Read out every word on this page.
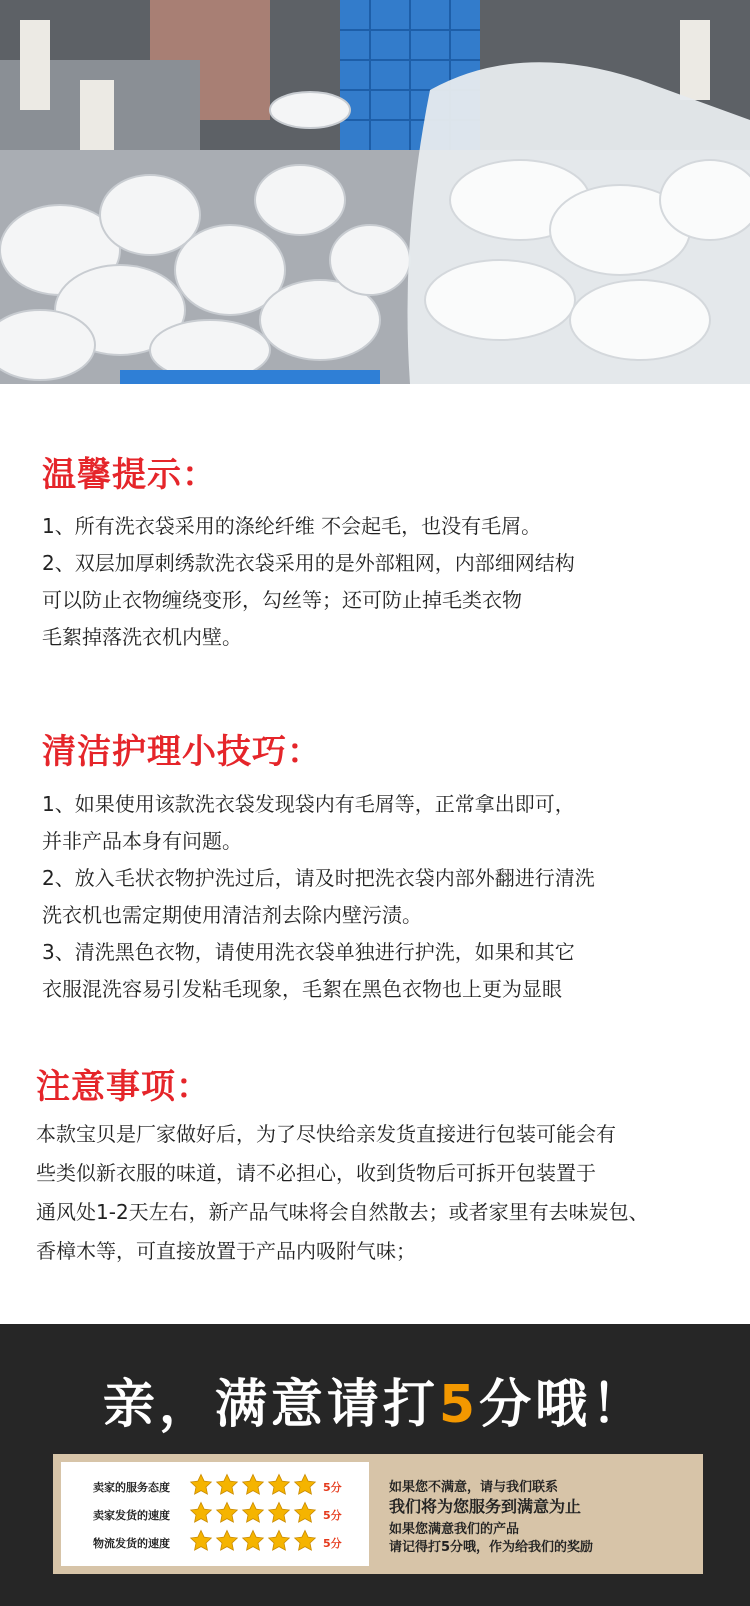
温馨提示：
1、所有洗衣袋采用的涤纶纤维 不会起毛，也没有毛屑。
2、双层加厚刺绣款洗衣袋采用的是外部粗网，内部细网结构
可以防止衣物缠绕变形，勾丝等；还可防止掉毛类衣物
毛絮掉落洗衣机内壁。
清洁护理小技巧：
1、如果使用该款洗衣袋发现袋内有毛屑等，正常拿出即可，
并非产品本身有问题。
2、放入毛状衣物护洗过后，请及时把洗衣袋内部外翻进行清洗
洗衣机也需定期使用清洁剂去除内壁污渍。
3、清洗黑色衣物，请使用洗衣袋单独进行护洗，如果和其它
衣服混洗容易引发粘毛现象，毛絮在黑色衣物也上更为显眼
注意事项：
本款宝贝是厂家做好后，为了尽快给亲发货直接进行包装可能会有
些类似新衣服的味道，请不必担心，收到货物后可拆开包装置于
通风处1-2天左右，新产品气味将会自然散去；或者家里有去味炭包、
香樟木等，可直接放置于产品内吸附气味；
亲，满意请打5分哦！
卖家的服务态度	5分
卖家发货的速度	5分
物流发货的速度	5分
如果您不满意，请与我们联系
我们将为您服务到满意为止
如果您满意我们的产品
请记得打5分哦，作为给我们的奖励
